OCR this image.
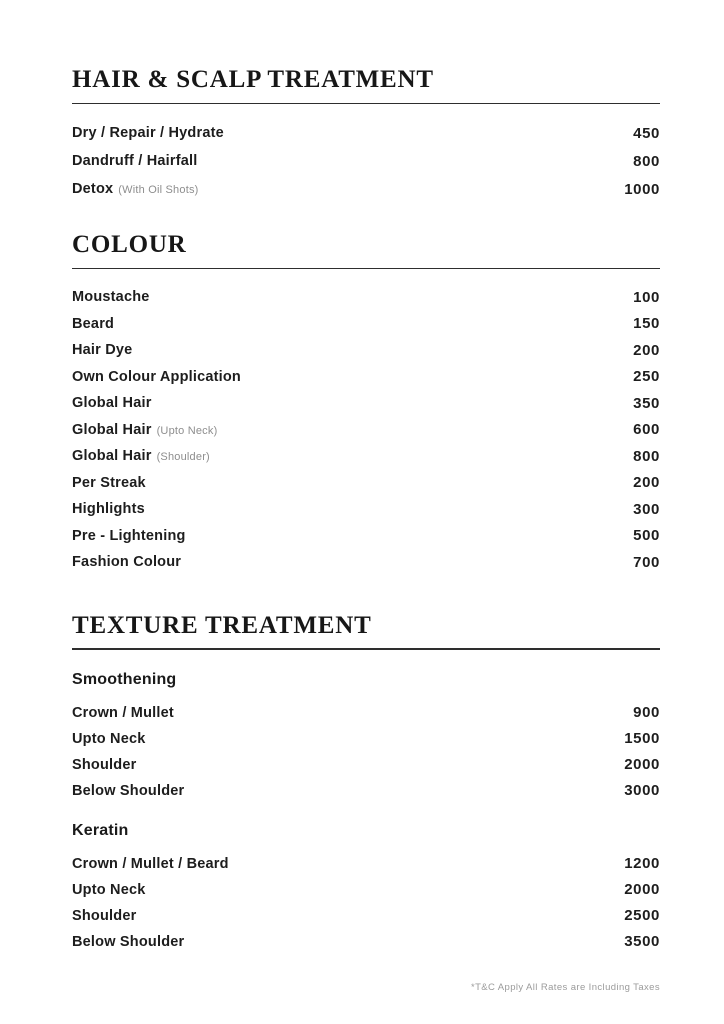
HAIR & SCALP TREATMENT
Dry / Repair / Hydrate	450
Dandruff / Hairfall	800
Detox (With Oil Shots)	1000
COLOUR
Moustache	100
Beard	150
Hair Dye	200
Own Colour Application	250
Global Hair	350
Global Hair (Upto Neck)	600
Global Hair (Shoulder)	800
Per Streak	200
Highlights	300
Pre - Lightening	500
Fashion Colour	700
TEXTURE TREATMENT
Smoothening
Crown / Mullet	900
Upto Neck	1500
Shoulder	2000
Below Shoulder	3000
Keratin
Crown / Mullet / Beard	1200
Upto Neck	2000
Shoulder	2500
Below Shoulder	3500
*T&C Apply All Rates are Including Taxes
